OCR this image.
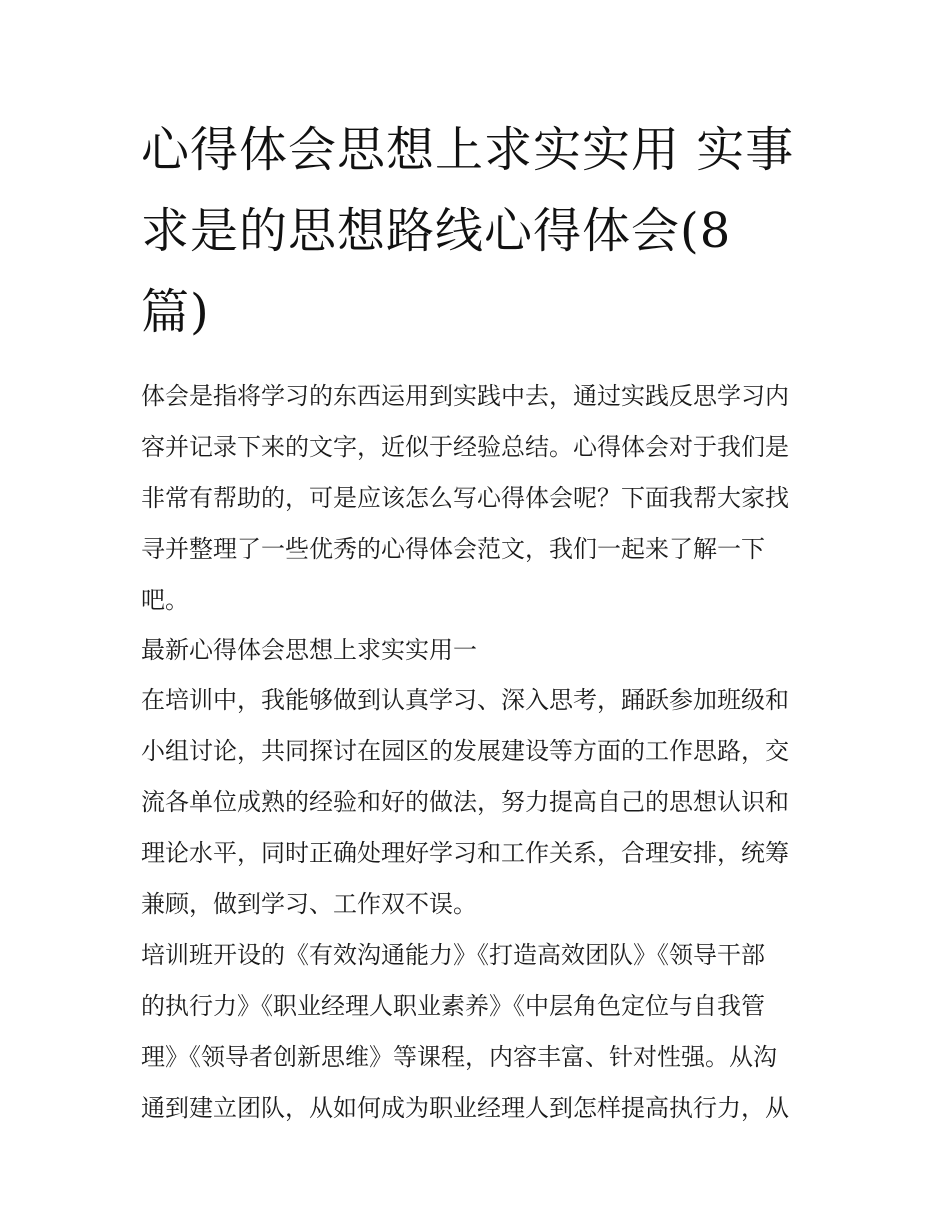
心得体会思想上求实实用 实事
求是的思想路线心得体会(8
篇)

体会是指将学习的东西运用到实践中去，通过实践反思学习内
容并记录下来的文字，近似于经验总结。心得体会对于我们是
非常有帮助的，可是应该怎么写心得体会呢？下面我帮大家找
寻并整理了一些优秀的心得体会范文，我们一起来了解一下
吧。

最新心得体会思想上求实实用一

在培训中，我能够做到认真学习、深入思考，踊跃参加班级和
小组讨论，共同探讨在园区的发展建设等方面的工作思路，交
流各单位成熟的经验和好的做法，努力提高自己的思想认识和
理论水平，同时正确处理好学习和工作关系，合理安排，统筹
兼顾，做到学习、工作双不误。

培训班开设的《有效沟通能力》《打造高效团队》《领导干部
的执行力》《职业经理人职业素养》《中层角色定位与自我管
理》《领导者创新思维》等课程，内容丰富、针对性强。从沟
通到建立团队，从如何成为职业经理人到怎样提高执行力，从
